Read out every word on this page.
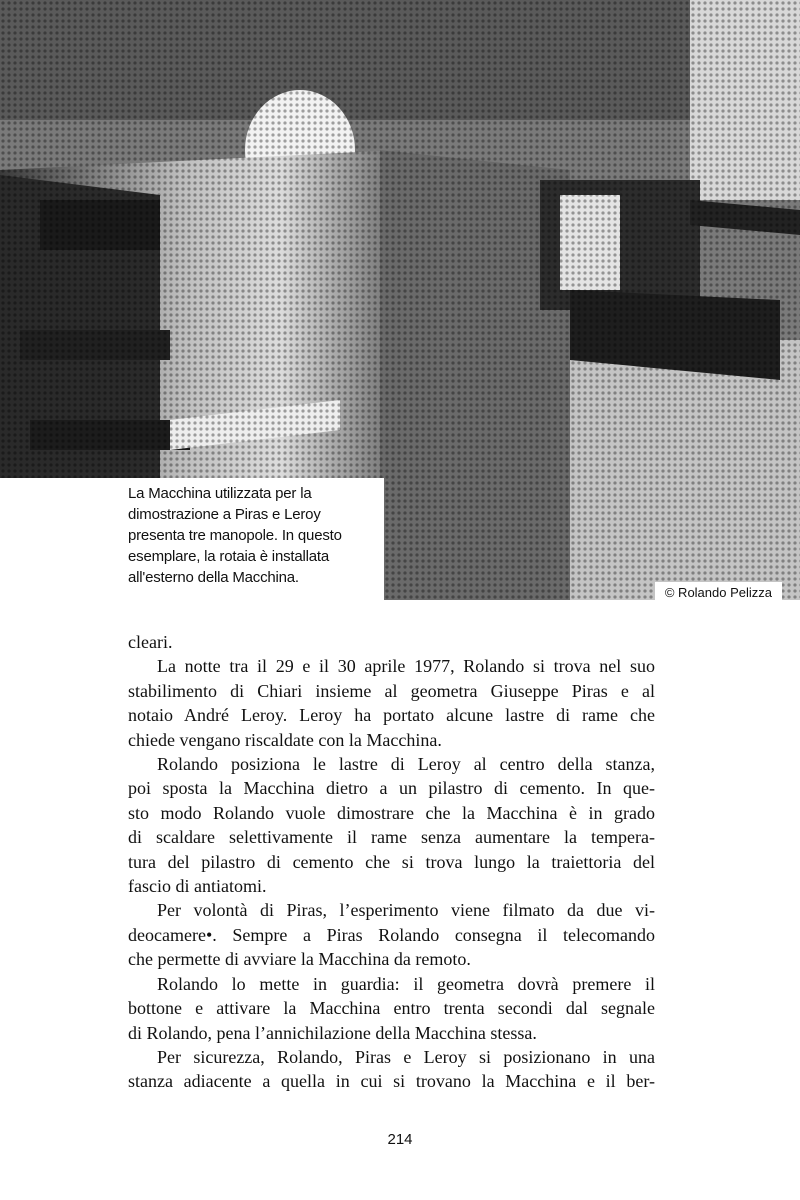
La Macchina utilizzata per la
dimostrazione a Piras e Leroy
presenta tre manopole. In questo
esemplare, la rotaia è installata
all'esterno della Macchina.
© Rolando Pelizza

cleari.

La notte tra il 29 e il 30 aprile 1977, Rolando si trova nel suo

stabilimento di Chiari insieme al geometra Giuseppe Piras e al

notaio André Leroy. Leroy ha portato alcune lastre di rame che

chiede vengano riscaldate con la Macchina.

Rolando posiziona le lastre di Leroy al centro della stanza,

poi sposta la Macchina dietro a un pilastro di cemento. In que-

sto modo Rolando vuole dimostrare che la Macchina è in grado

di scaldare selettivamente il rame senza aumentare la tempera-

tura del pilastro di cemento che si trova lungo la traiettoria del

fascio di antiatomi.

Per volontà di Piras, l’esperimento viene filmato da due vi-

deocamere•. Sempre a Piras Rolando consegna il telecomando

che permette di avviare la Macchina da remoto.

Rolando lo mette in guardia: il geometra dovrà premere il

bottone e attivare la Macchina entro trenta secondi dal segnale

di Rolando, pena l’annichilazione della Macchina stessa.

Per sicurezza, Rolando, Piras e Leroy si posizionano in una

stanza adiacente a quella in cui si trovano la Macchina e il ber-

214
